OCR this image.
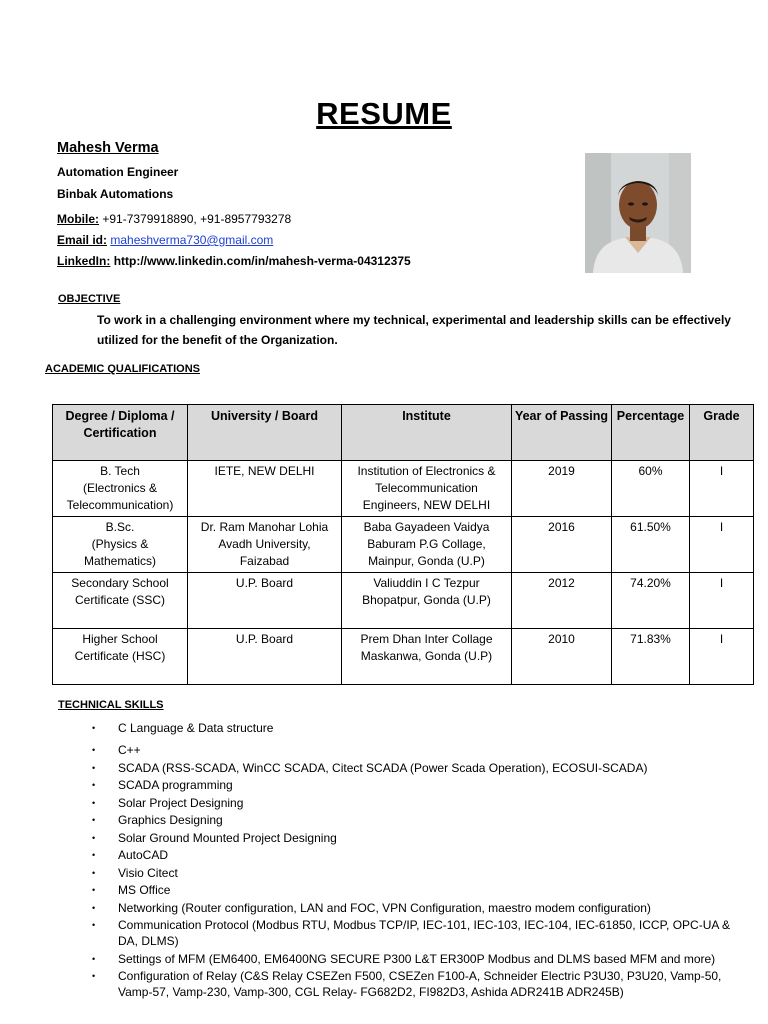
RESUME
Mahesh Verma
Automation Engineer
Binbak Automations
Mobile: +91-7379918890, +91-8957793278
Email id: maheshverma730@gmail.com
LinkedIn: http://www.linkedin.com/in/mahesh-verma-04312375
OBJECTIVE
To work in a challenging environment where my technical, experimental and leadership skills can be effectively utilized for the benefit of the Organization.
ACADEMIC QUALIFICATIONS
Degree / Diploma / Certification	University / Board	Institute	Year of Passing	Percentage	Grade
B. Tech
(Electronics &
Telecommunication)	IETE, NEW DELHI	Institution of Electronics &
Telecommunication
Engineers, NEW DELHI	2019	60%	I
B.Sc.
(Physics &
Mathematics)	Dr. Ram Manohar Lohia
Avadh University,
Faizabad	Baba Gayadeen Vaidya
Baburam P.G Collage,
Mainpur, Gonda (U.P)	2016	61.50%	I
Secondary School
Certificate (SSC)	U.P. Board	Valiuddin I C Tezpur
Bhopatpur, Gonda (U.P)	2012	74.20%	I
Higher School
Certificate (HSC)	U.P. Board	Prem Dhan Inter Collage
Maskanwa, Gonda (U.P)	2010	71.83%	I
TECHNICAL SKILLS
• C Language & Data structure
• C++
• SCADA (RSS-SCADA, WinCC SCADA, Citect SCADA (Power Scada Operation), ECOSUI-SCADA)
• SCADA programming
• Solar Project Designing
• Graphics Designing
• Solar Ground Mounted Project Designing
• AutoCAD
• Visio Citect
• MS Office
• Networking (Router configuration, LAN and FOC, VPN Configuration, maestro modem configuration)
• Communication Protocol (Modbus RTU, Modbus TCP/IP, IEC-101, IEC-103, IEC-104, IEC-61850, ICCP, OPC-UA & DA, DLMS)
• Settings of MFM (EM6400, EM6400NG SECURE P300 L&T ER300P Modbus and DLMS based MFM and more)
• Configuration of Relay (C&S Relay CSEZen F500, CSEZen F100-A, Schneider Electric P3U30, P3U20, Vamp-50, Vamp-57, Vamp-230, Vamp-300, CGL Relay- FG682D2, FI982D3, Ashida ADR241B ADR245B)
